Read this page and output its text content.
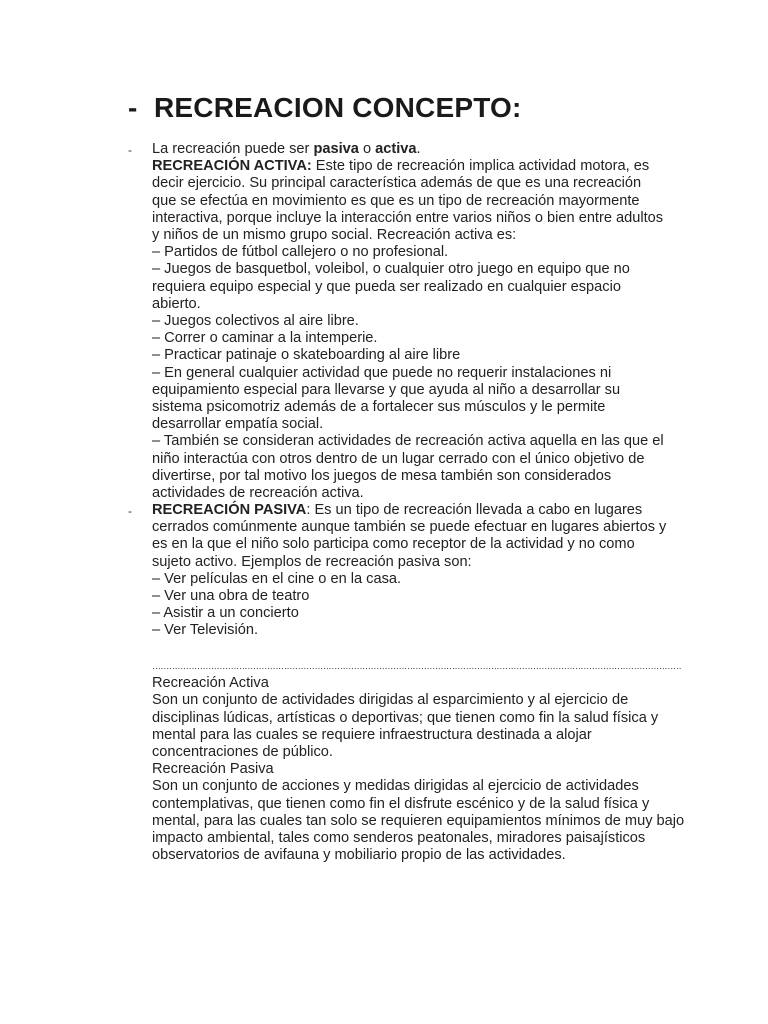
- RECREACION CONCEPTO:
- La recreación puede ser pasiva o activa.
RECREACIÓN ACTIVA: Este tipo de recreación implica actividad motora, es
decir ejercicio. Su principal característica además de que es una recreación
que se efectúa en movimiento es que es un tipo de recreación mayormente
interactiva, porque incluye la interacción entre varios niños o bien entre adultos
y niños de un mismo grupo social. Recreación activa es:
– Partidos de fútbol callejero o no profesional.
– Juegos de basquetbol, voleibol, o cualquier otro juego en equipo que no
requiera equipo especial y que pueda ser realizado en cualquier espacio
abierto.
– Juegos colectivos al aire libre.
– Correr o caminar a la intemperie.
– Practicar patinaje o skateboarding al aire libre
– En general cualquier actividad que puede no requerir instalaciones ni
equipamiento especial para llevarse y que ayuda al niño a desarrollar su
sistema psicomotriz además de a fortalecer sus músculos y le permite
desarrollar empatía social.
– También se consideran actividades de recreación activa aquella en las que el
niño interactúa con otros dentro de un lugar cerrado con el único objetivo de
divertirse, por tal motivo los juegos de mesa también son considerados
actividades de recreación activa.
- RECREACIÓN PASIVA: Es un tipo de recreación llevada a cabo en lugares
cerrados comúnmente aunque también se puede efectuar en lugares abiertos y
es en la que el niño solo participa como receptor de la actividad y no como
sujeto activo. Ejemplos de recreación pasiva son:
– Ver películas en el cine o en la casa.
– Ver una obra de teatro
– Asistir a un concierto
– Ver Televisión.
………………………………………………………………………………………………………………………………………………………………………
Recreación Activa
Son un conjunto de actividades dirigidas al esparcimiento y al ejercicio de
disciplinas lúdicas, artísticas o deportivas; que tienen como fin la salud física y
mental para las cuales se requiere infraestructura destinada a alojar
concentraciones de público.
Recreación Pasiva
Son un conjunto de acciones y medidas dirigidas al ejercicio de actividades
contemplativas, que tienen como fin el disfrute escénico y de la salud física y
mental, para las cuales tan solo se requieren equipamientos mínimos de muy bajo
impacto ambiental, tales como senderos peatonales, miradores paisajísticos
observatorios de avifauna y mobiliario propio de las actividades.
